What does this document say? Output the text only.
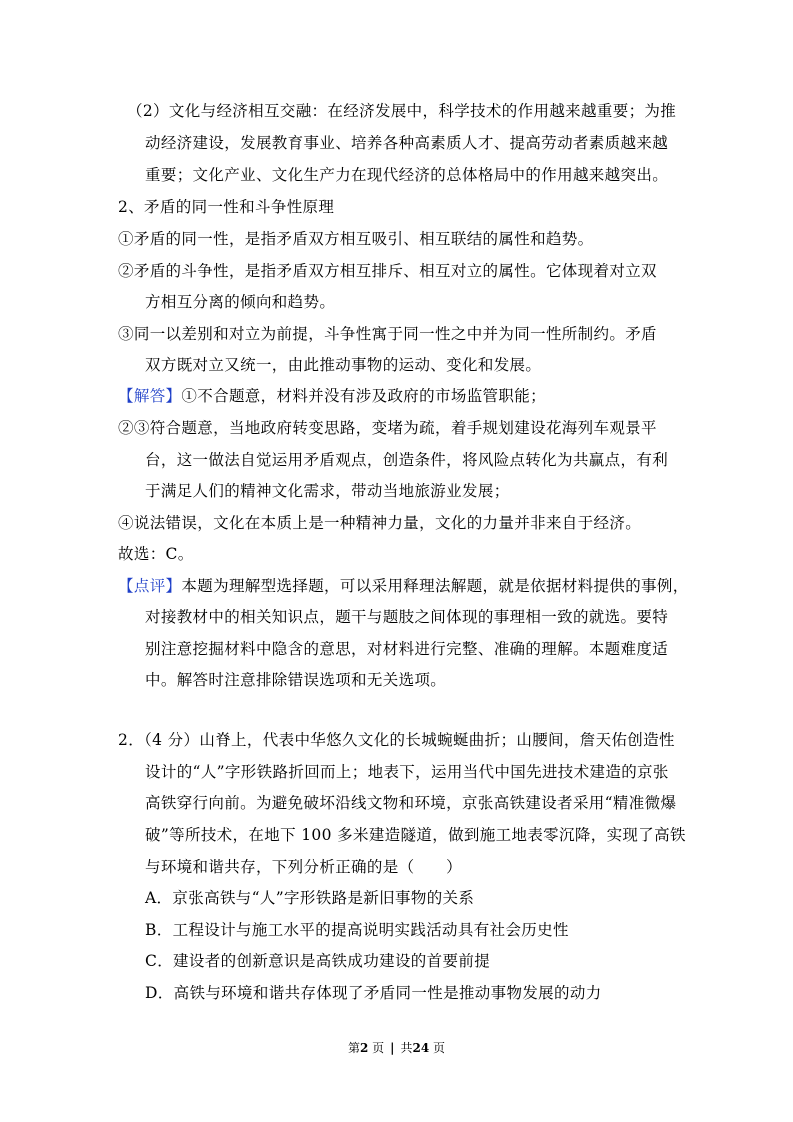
（2）文化与经济相互交融：在经济发展中，科学技术的作用越来越重要；为推
动经济建设，发展教育事业、培养各种高素质人才、提高劳动者素质越来越
重要；文化产业、文化生产力在现代经济的总体格局中的作用越来越突出。
2、矛盾的同一性和斗争性原理
①矛盾的同一性，是指矛盾双方相互吸引、相互联结的属性和趋势。
②矛盾的斗争性，是指矛盾双方相互排斥、相互对立的属性。它体现着对立双
方相互分离的倾向和趋势。
③同一以差别和对立为前提，斗争性寓于同一性之中并为同一性所制约。矛盾
双方既对立又统一，由此推动事物的运动、变化和发展。
【解答】①不合题意，材料并没有涉及政府的市场监管职能；
②③符合题意，当地政府转变思路，变堵为疏，着手规划建设花海列车观景平
台，这一做法自觉运用矛盾观点，创造条件，将风险点转化为共赢点，有利
于满足人们的精神文化需求，带动当地旅游业发展；
④说法错误，文化在本质上是一种精神力量，文化的力量并非来自于经济。
故选：C。
【点评】本题为理解型选择题，可以采用释理法解题，就是依据材料提供的事例，
对接教材中的相关知识点，题干与题肢之间体现的事理相一致的就选。要特
别注意挖掘材料中隐含的意思，对材料进行完整、准确的理解。本题难度适
中。解答时注意排除错误选项和无关选项。
2．（4 分）山脊上，代表中华悠久文化的长城蜿蜒曲折；山腰间，詹天佑创造性
设计的“人”字形铁路折回而上；地表下，运用当代中国先进技术建造的京张
高铁穿行向前。为避免破坏沿线文物和环境，京张高铁建设者采用“精准微爆
破”等所技术，在地下 100 多米建造隧道，做到施工地表零沉降，实现了高铁
与环境和谐共存，下列分析正确的是（　　）
A．京张高铁与“人”字形铁路是新旧事物的关系
B．工程设计与施工水平的提高说明实践活动具有社会历史性
C．建设者的创新意识是高铁成功建设的首要前提
D．高铁与环境和谐共存体现了矛盾同一性是推动事物发展的动力
第2 页 | 共24 页
